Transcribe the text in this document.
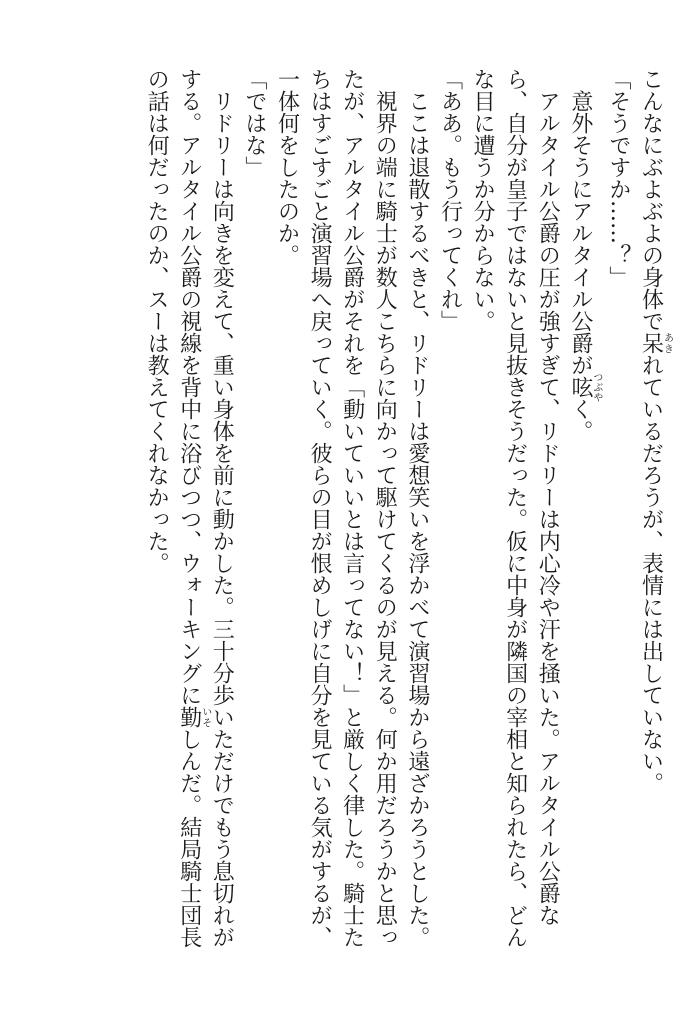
こんなにぶよぶよの身体で呆あきれているだろうが、表情には出していない。

「そうですか……？」

　意外そうにアルタイル公爵が呟つぶやく。

　アルタイル公爵の圧が強すぎて、リドリーは内心冷や汗を掻いた。アルタイル公爵なら、自分が皇子ではないと見抜きそうだった。仮に中身が隣国の宰相と知られたら、どんな目に遭うか分からない。

「ああ。もう行ってくれ」

　ここは退散するべきと、リドリーは愛想笑いを浮かべて演習場から遠ざかろうとした。

　視界の端に騎士が数人こちらに向かって駆けてくるのが見える。何か用だろうかと思ったが、アルタイル公爵がそれを「動いていいとは言ってない！」と厳しく律した。騎士たちはすごすごと演習場へ戻っていく。彼らの目が恨めしげに自分を見ている気がするが、一体何をしたのか。

「ではな」

　リドリーは向きを変えて、重い身体を前に動かした。三十分歩いただけでもう息切れがする。アルタイル公爵の視線を背中に浴びつつ、ウォーキングに勤いそしんだ。結局騎士団長の話は何だったのか、スーは教えてくれなかった。
